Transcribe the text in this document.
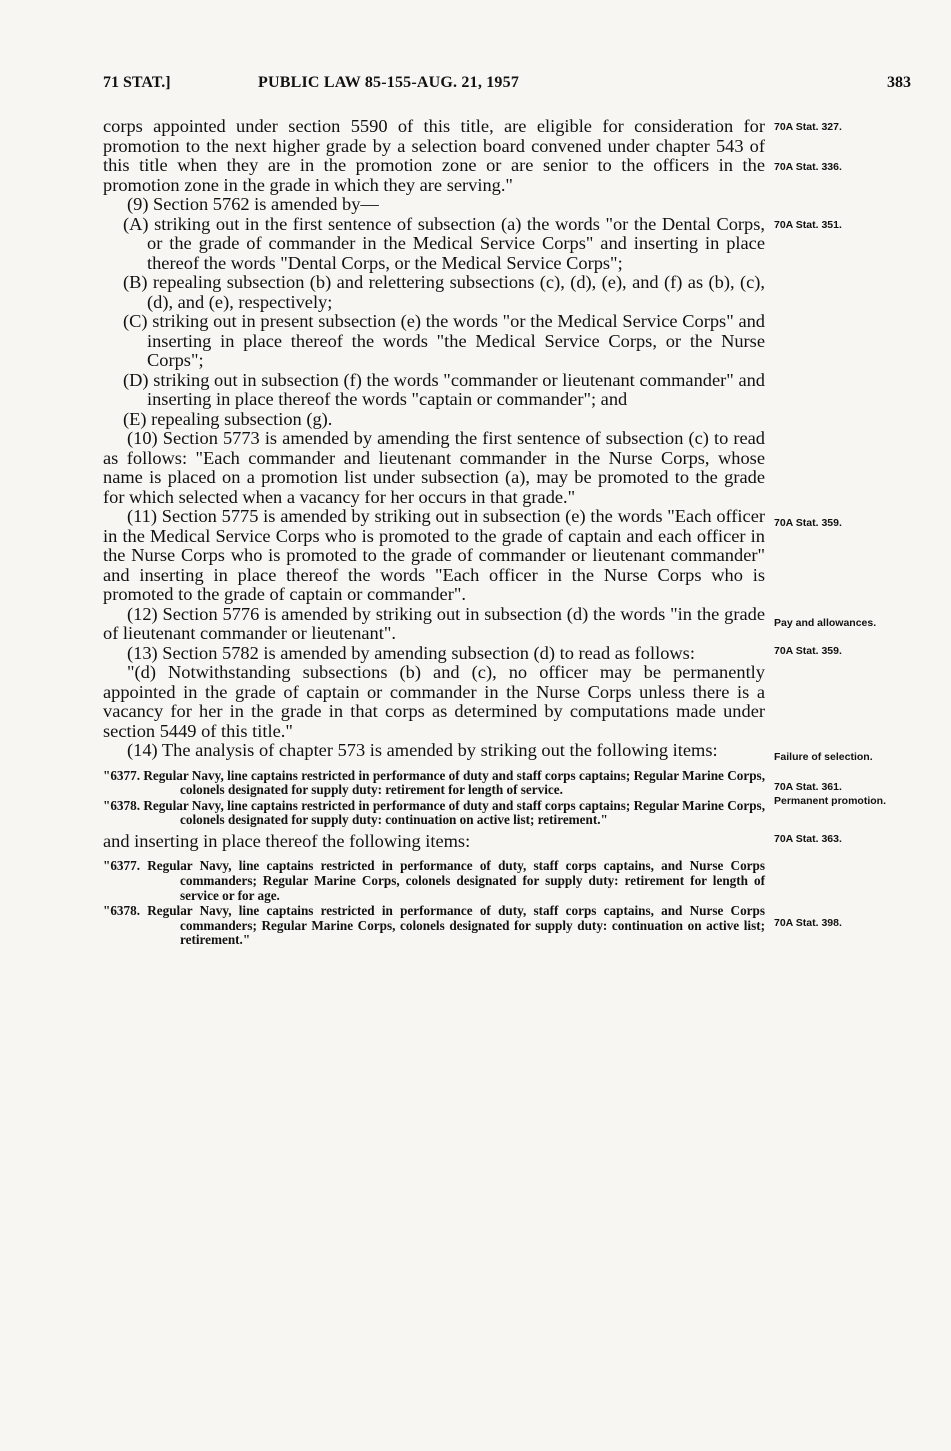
71 STAT.]	PUBLIC LAW 85-155-AUG. 21, 1957	383

corps appointed under section 5590 of this title, are eligible for consideration for promotion to the next higher grade by a selection board convened under chapter 543 of this title when they are in the promotion zone or are senior to the officers in the promotion zone in the grade in which they are serving."

(9) Section 5762 is amended by—

(A) striking out in the first sentence of subsection (a) the words "or the Dental Corps, or the grade of commander in the Medical Service Corps" and inserting in place thereof the words "Dental Corps, or the Medical Service Corps";

(B) repealing subsection (b) and relettering subsections (c), (d), (e), and (f) as (b), (c), (d), and (e), respectively;

(C) striking out in present subsection (e) the words "or the Medical Service Corps" and inserting in place thereof the words "the Medical Service Corps, or the Nurse Corps";

(D) striking out in subsection (f) the words "commander or lieutenant commander" and inserting in place thereof the words "captain or commander"; and

(E) repealing subsection (g).

(10) Section 5773 is amended by amending the first sentence of subsection (c) to read as follows: "Each commander and lieutenant commander in the Nurse Corps, whose name is placed on a promotion list under subsection (a), may be promoted to the grade for which selected when a vacancy for her occurs in that grade."

(11) Section 5775 is amended by striking out in subsection (e) the words "Each officer in the Medical Service Corps who is promoted to the grade of captain and each officer in the Nurse Corps who is promoted to the grade of commander or lieutenant commander" and inserting in place thereof the words "Each officer in the Nurse Corps who is promoted to the grade of captain or commander".

(12) Section 5776 is amended by striking out in subsection (d) the words "in the grade of lieutenant commander or lieutenant".

(13) Section 5782 is amended by amending subsection (d) to read as follows:

"(d) Notwithstanding subsections (b) and (c), no officer may be permanently appointed in the grade of captain or commander in the Nurse Corps unless there is a vacancy for her in the grade in that corps as determined by computations made under section 5449 of this title."

(14) The analysis of chapter 573 is amended by striking out the following items:

"6377. Regular Navy, line captains restricted in performance of duty and staff corps captains; Regular Marine Corps, colonels designated for supply duty: retirement for length of service.

"6378. Regular Navy, line captains restricted in performance of duty and staff corps captains; Regular Marine Corps, colonels designated for supply duty: continuation on active list; retirement."

and inserting in place thereof the following items:

"6377. Regular Navy, line captains restricted in performance of duty, staff corps captains, and Nurse Corps commanders; Regular Marine Corps, colonels designated for supply duty: retirement for length of service or for age.

"6378. Regular Navy, line captains restricted in performance of duty, staff corps captains, and Nurse Corps commanders; Regular Marine Corps, colonels designated for supply duty: continuation on active list; retirement."

70A Stat. 327.
70A Stat. 336.
70A Stat. 351.
70A Stat. 359.
Pay and allowances.
70A Stat. 359.
Failure of selection.
70A Stat. 361.
Permanent promotion.
70A Stat. 363.
70A Stat. 398.
